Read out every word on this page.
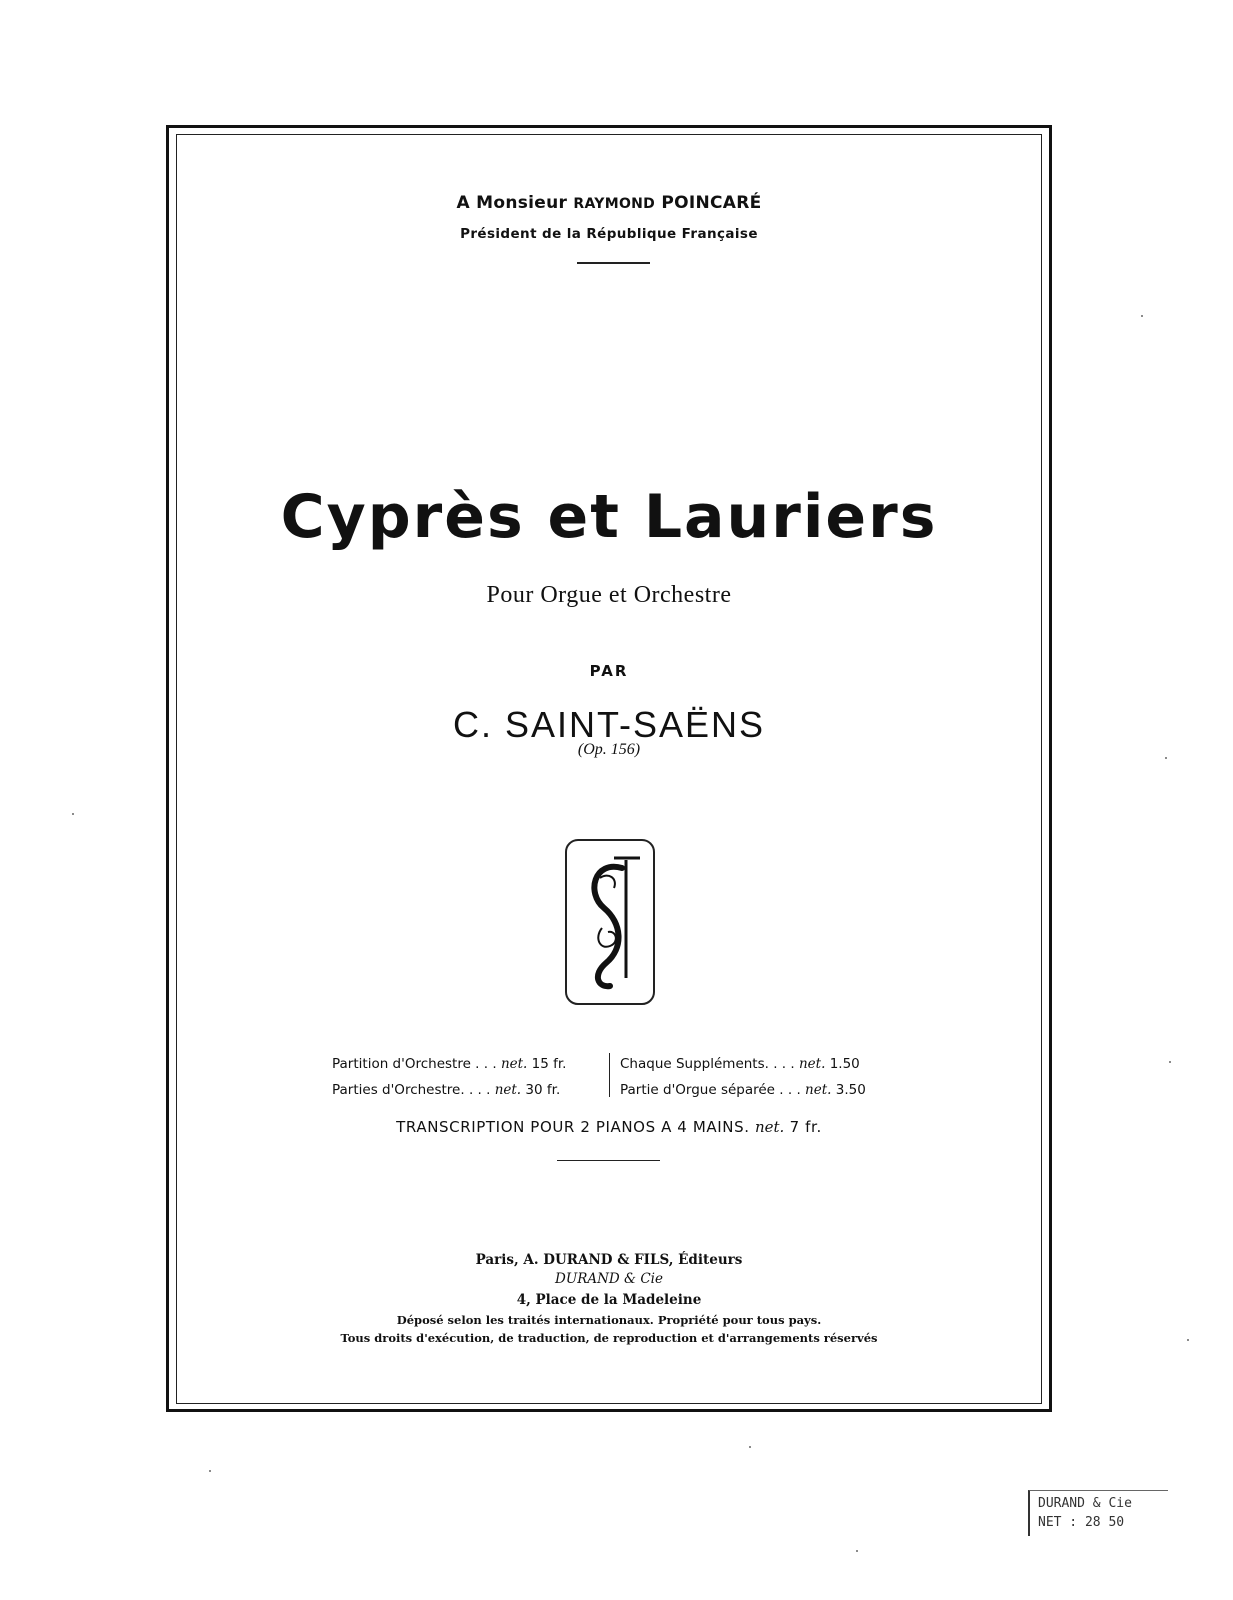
A Monsieur RAYMOND POINCARÉ
Président de la République Française
Cyprès et Lauriers
Pour Orgue et Orchestre
PAR
C. SAINT-SAËNS
(Op. 156)
Partition d'Orchestre . . . net. 15 fr.
Parties d'Orchestre. . . . net. 30 fr.
Chaque Suppléments. . . . net. 1.50
Partie d'Orgue séparée . . . net. 3.50
TRANSCRIPTION POUR 2 PIANOS A 4 MAINS. net. 7 fr.
Paris, A. DURAND & FILS, Éditeurs
DURAND & Cie
4, Place de la Madeleine
Déposé selon les traités internationaux. Propriété pour tous pays.
Tous droits d'exécution, de traduction, de reproduction et d'arrangements réservés
DURAND & Cie
NET : 28 50
